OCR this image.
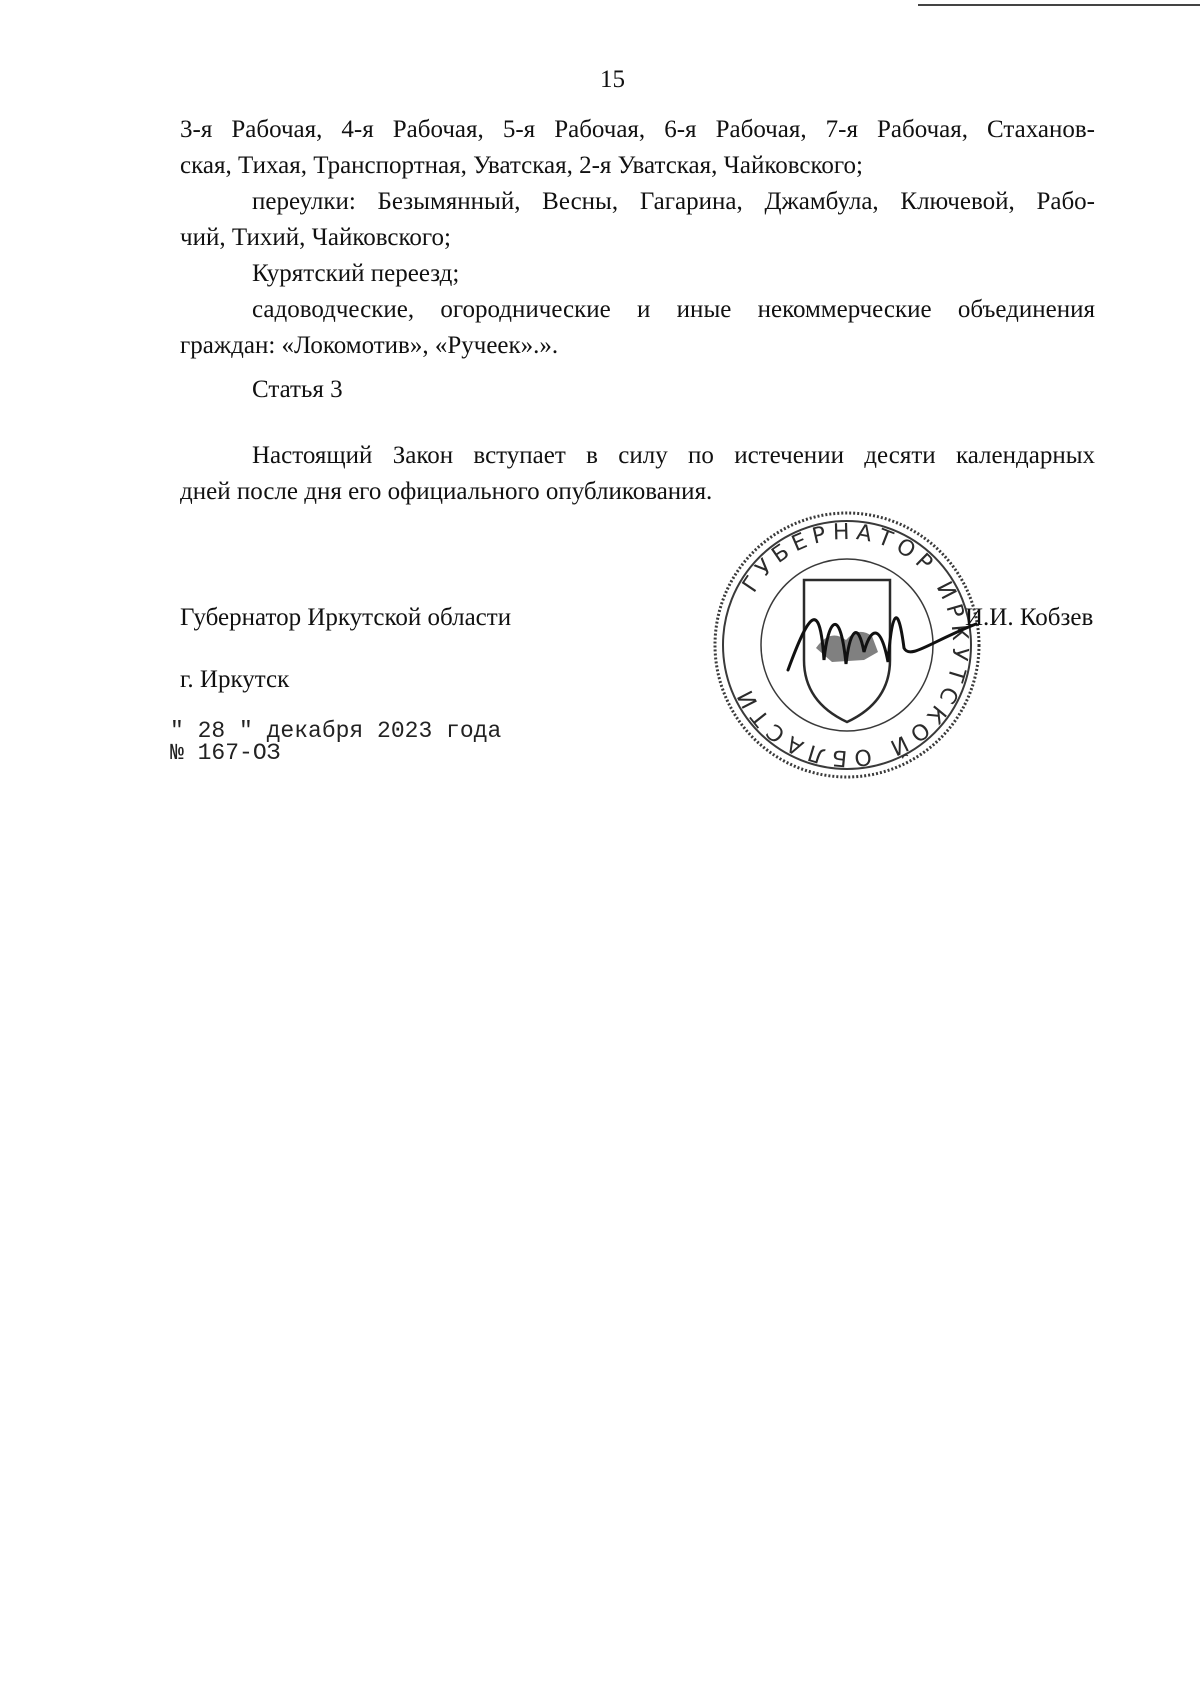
15
3-я Рабочая, 4-я Рабочая, 5-я Рабочая, 6-я Рабочая, 7-я Рабочая, Стаханов-
ская, Тихая, Транспортная, Уватская, 2-я Уватская, Чайковского;
переулки: Безымянный, Весны, Гагарина, Джамбула, Ключевой, Рабо-
чий, Тихий, Чайковского;
Курятский переезд;
садоводческие, огороднические и иные некоммерческие объединения
граждан: «Локомотив», «Ручеек».».
Статья 3
Настоящий Закон вступает в силу по истечении десяти календарных
дней после дня его официального опубликования.
Губернатор Иркутской области
ГУБЕРНАТОР ИРКУТСКОЙ ОБЛАСТИ
И.И. Кобзев
г. Иркутск
" 28 " декабря 2023 года
№ 167-ОЗ
